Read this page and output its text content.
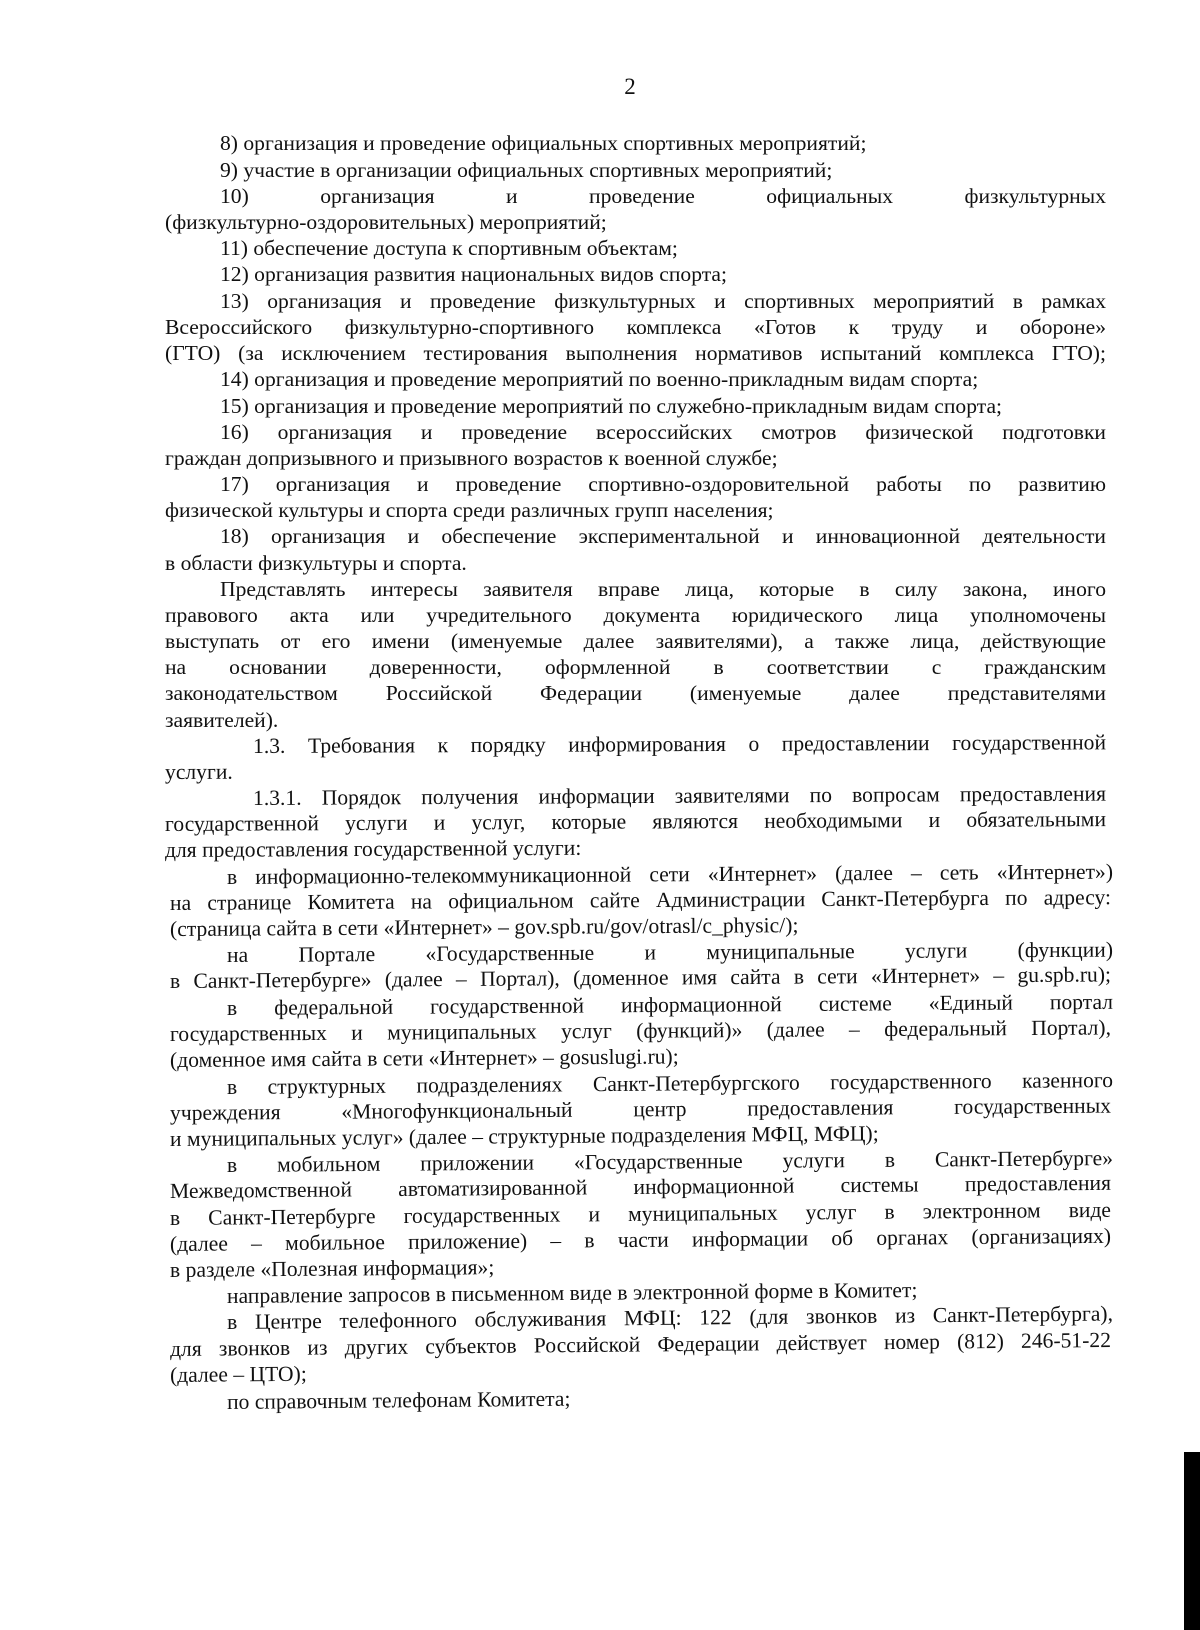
2
8) организация и проведение официальных спортивных мероприятий;
9) участие в организации официальных спортивных мероприятий;
10) организация и проведение официальных физкультурных
(физкультурно-оздоровительных) мероприятий;
11) обеспечение доступа к спортивным объектам;
12) организация развития национальных видов спорта;
13) организация и проведение физкультурных и спортивных мероприятий в рамках
Всероссийского физкультурно-спортивного комплекса «Готов к труду и обороне»
(ГТО) (за исключением тестирования выполнения нормативов испытаний комплекса ГТО);
14) организация и проведение мероприятий по военно-прикладным видам спорта;
15) организация и проведение мероприятий по служебно-прикладным видам спорта;
16) организация и проведение всероссийских смотров физической подготовки
граждан допризывного и призывного возрастов к военной службе;
17) организация и проведение спортивно-оздоровительной работы по развитию
физической культуры и спорта среди различных групп населения;
18) организация и обеспечение экспериментальной и инновационной деятельности
в области физкультуры и спорта.
Представлять интересы заявителя вправе лица, которые в силу закона, иного
правового акта или учредительного документа юридического лица уполномочены
выступать от его имени (именуемые далее заявителями), а также лица, действующие
на основании доверенности, оформленной в соответствии с гражданским
законодательством Российской Федерации (именуемые далее представителями
заявителей).
1.3. Требования к порядку информирования о предоставлении государственной
услуги.
1.3.1. Порядок получения информации заявителями по вопросам предоставления
государственной услуги и услуг, которые являются необходимыми и обязательными
для предоставления государственной услуги:
в информационно-телекоммуникационной сети «Интернет» (далее – сеть «Интернет»)
на странице Комитета на официальном сайте Администрации Санкт-Петербурга по адресу:
(страница сайта в сети «Интернет» – gov.spb.ru/gov/otrasl/c_physic/);
на Портале «Государственные и муниципальные услуги (функции)
в Санкт-Петербурге» (далее – Портал), (доменное имя сайта в сети «Интернет» – gu.spb.ru);
в федеральной государственной информационной системе «Единый портал
государственных и муниципальных услуг (функций)» (далее – федеральный Портал),
(доменное имя сайта в сети «Интернет» – gosuslugi.ru);
в структурных подразделениях Санкт-Петербургского государственного казенного
учреждения «Многофункциональный центр предоставления государственных
и муниципальных услуг» (далее – структурные подразделения МФЦ, МФЦ);
в мобильном приложении «Государственные услуги в Санкт-Петербурге»
Межведомственной автоматизированной информационной системы предоставления
в Санкт-Петербурге государственных и муниципальных услуг в электронном виде
(далее – мобильное приложение) – в части информации об органах (организациях)
в разделе «Полезная информация»;
направление запросов в письменном виде в электронной форме в Комитет;
в Центре телефонного обслуживания МФЦ: 122 (для звонков из Санкт-Петербурга),
для звонков из других субъектов Российской Федерации действует номер (812) 246-51-22
(далее – ЦТО);
по справочным телефонам Комитета;
